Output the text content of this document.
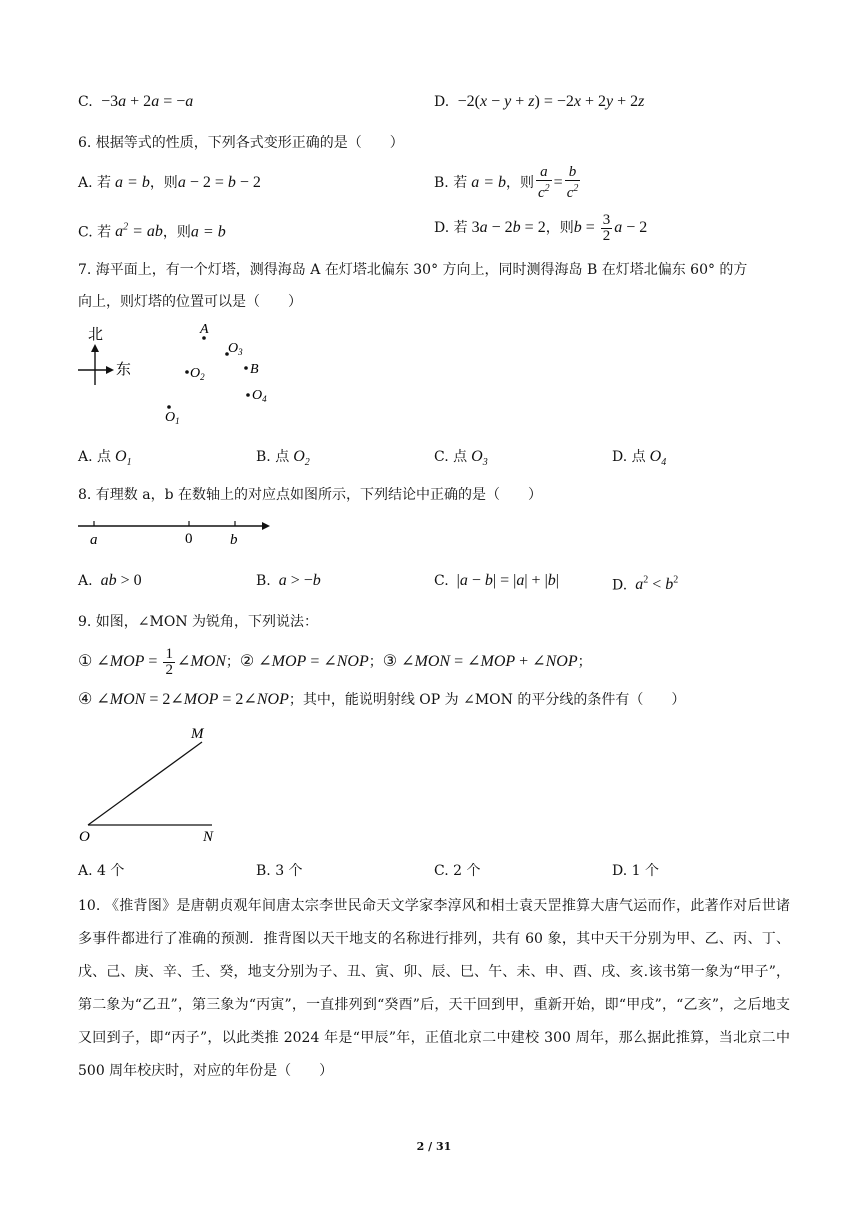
C.  −3a + 2a = −a	D.  −2(x − y + z) = −2x + 2y + 2z
6. 根据等式的性质，下列各式变形正确的是（　　）
A. 若 a = b，则a − 2 = b − 2	B. 若 a = b，则 $\frac{a}{c^2} = \frac{b}{c^2}$
C. 若 $a^2$ = ab，则a = b	D. 若 3a − 2b = 2，则$b = \frac{3}{2}$ a − 2
7. 海平面上，有一个灯塔，测得海岛 A 在灯塔北偏东 30° 方向上，同时测得海岛 B 在灯塔北偏东 60° 的方
向上，则灯塔的位置可以是（　　）
北
东
A
$O_3$
$O_2$	B
$O_4$
$O_1$
A. 点 $O_1$	B. 点 $O_2$	C. 点 $O_3$	D. 点 $O_4$
8. 有理数 a，b 在数轴上的对应点如图所示，下列结论中正确的是（　　）
a	0	b
A. ab > 0	B. a > −b	C.  |a − b| = |a| + |b|	D. $a^2 < b^2$
9. 如图，∠MON 为锐角，下列说法：
① ∠MOP = $\frac{1}{2}$ ∠MON；② ∠MOP = ∠NOP；③ ∠MON = ∠MOP + ∠NOP；
④ ∠MON = 2∠MOP = 2∠NOP；其中，能说明射线 OP 为 ∠MON 的平分线的条件有（　　）
M
O	N
A. 4 个	B. 3 个	C. 2 个	D. 1 个
10. 《推背图》是唐朝贞观年间唐太宗李世民命天文学家李淳风和相士袁天罡推算大唐气运而作，此著作对后世诸多事件都进行了准确的预测．推背图以天干地支的名称进行排列，共有 60 象，其中天干分别为甲、乙、丙、丁、戊、己、庚、辛、壬、癸，地支分别为子、丑、寅、卯、辰、巳、午、未、申、酉、戌、亥.该书第一象为“甲子”，第二象为“乙丑”，第三象为“丙寅”，一直排列到“癸酉”后，天干回到甲，重新开始，即“甲戌”，“乙亥”，之后地支又回到子，即“丙子”，以此类推 2024 年是“甲辰”年，正值北京二中建校 300 周年，那么据此推算，当北京二中 500 周年校庆时，对应的年份是（　　）
2 / 31
